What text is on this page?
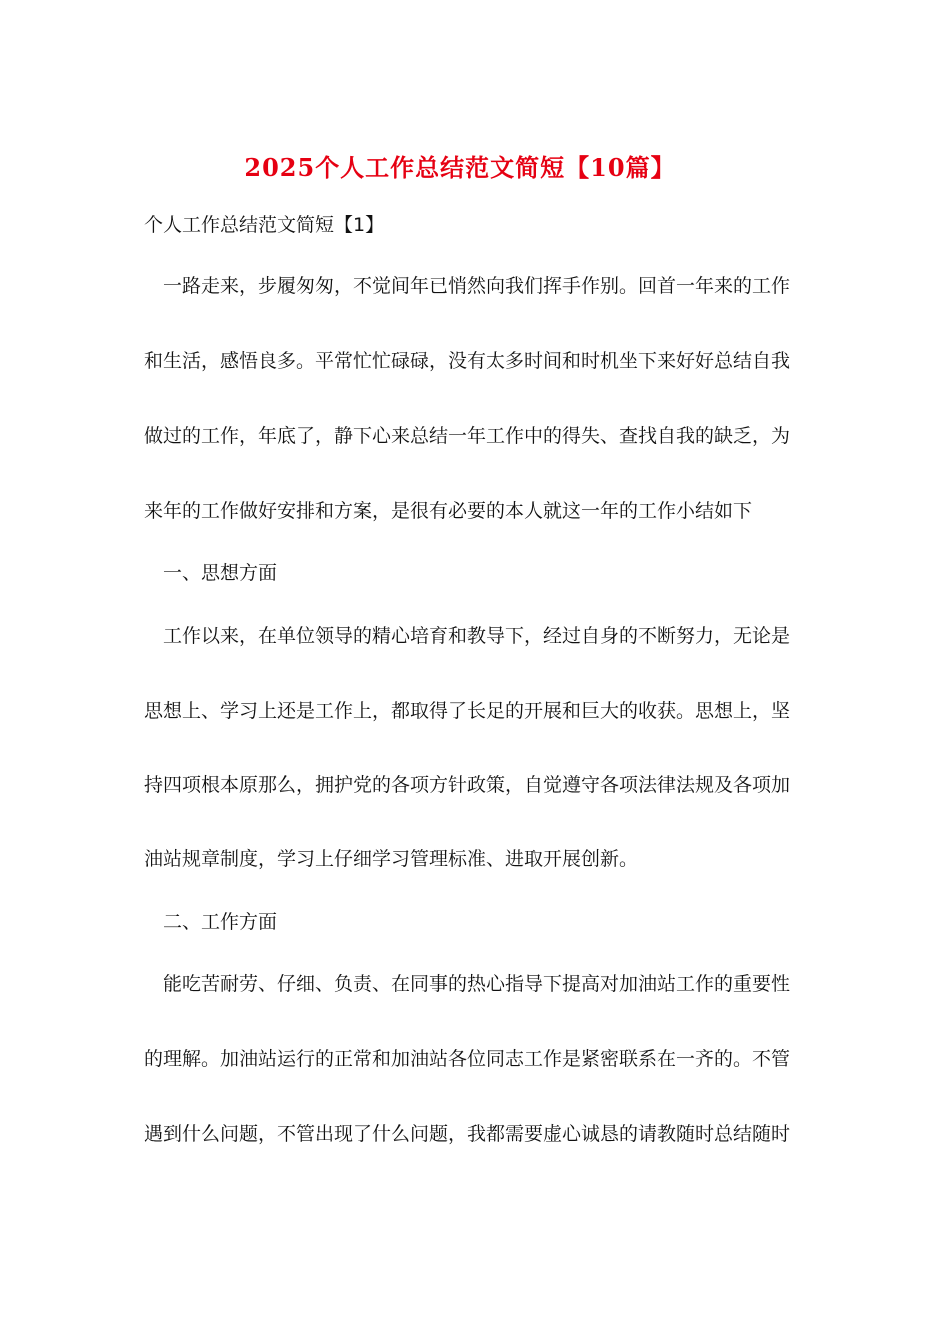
2025个人工作总结范文简短【10篇】
个人工作总结范文简短【1】
一路走来，步履匆匆，不觉间年已悄然向我们挥手作别。回首一年来的工作
和生活，感悟良多。平常忙忙碌碌，没有太多时间和时机坐下来好好总结自我
做过的工作，年底了，静下心来总结一年工作中的得失、查找自我的缺乏，为
来年的工作做好安排和方案，是很有必要的本人就这一年的工作小结如下
一、思想方面
工作以来，在单位领导的精心培育和教导下，经过自身的不断努力，无论是
思想上、学习上还是工作上，都取得了长足的开展和巨大的收获。思想上，坚
持四项根本原那么，拥护党的各项方针政策，自觉遵守各项法律法规及各项加
油站规章制度，学习上仔细学习管理标准、进取开展创新。
二、工作方面
能吃苦耐劳、仔细、负责、在同事的热心指导下提高对加油站工作的重要性
的理解。加油站运行的正常和加油站各位同志工作是紧密联系在一齐的。不管
遇到什么问题，不管出现了什么问题，我都需要虚心诚恳的请教随时总结随时
